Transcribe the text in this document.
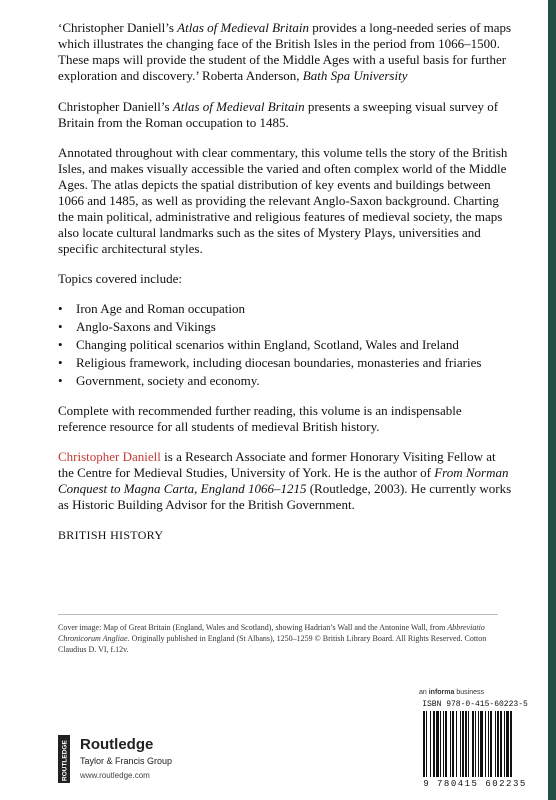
‘Christopher Daniell’s Atlas of Medieval Britain provides a long-needed series of maps which illustrates the changing face of the British Isles in the period from 1066–1500. These maps will provide the student of the Middle Ages with a useful basis for further exploration and discovery.’ Roberta Anderson, Bath Spa University

Christopher Daniell’s Atlas of Medieval Britain presents a sweeping visual survey of Britain from the Roman occupation to 1485.

Annotated throughout with clear commentary, this volume tells the story of the British Isles, and makes visually accessible the varied and often complex world of the Middle Ages. The atlas depicts the spatial distribution of key events and buildings between 1066 and 1485, as well as providing the relevant Anglo-Saxon background. Charting the main political, administrative and religious features of medieval society, the maps also locate cultural landmarks such as the sites of Mystery Plays, universities and specific architectural styles.

Topics covered include:

• Iron Age and Roman occupation
• Anglo-Saxons and Vikings
• Changing political scenarios within England, Scotland, Wales and Ireland
• Religious framework, including diocesan boundaries, monasteries and friaries
• Government, society and economy.

Complete with recommended further reading, this volume is an indispensable reference resource for all students of medieval British history.

Christopher Daniell is a Research Associate and former Honorary Visiting Fellow at the Centre for Medieval Studies, University of York. He is the author of From Norman Conquest to Magna Carta, England 1066–1215 (Routledge, 2003). He currently works as Historic Building Advisor for the British Government.

BRITISH HISTORY

Cover image: Map of Great Britain (England, Wales and Scotland), showing Hadrian’s Wall and the Antonine Wall, from Abbreviatio Chronicorum Angliae. Originally published in England (St Albans), 1250–1259 © British Library Board. All Rights Reserved. Cotton Claudius D. VI, f.12v.
an informa business
ROUTLEDGE Routledge
Taylor & Francis Group
www.routledge.com
ISBN 978-0-415-60223-5
9 780415 602235
